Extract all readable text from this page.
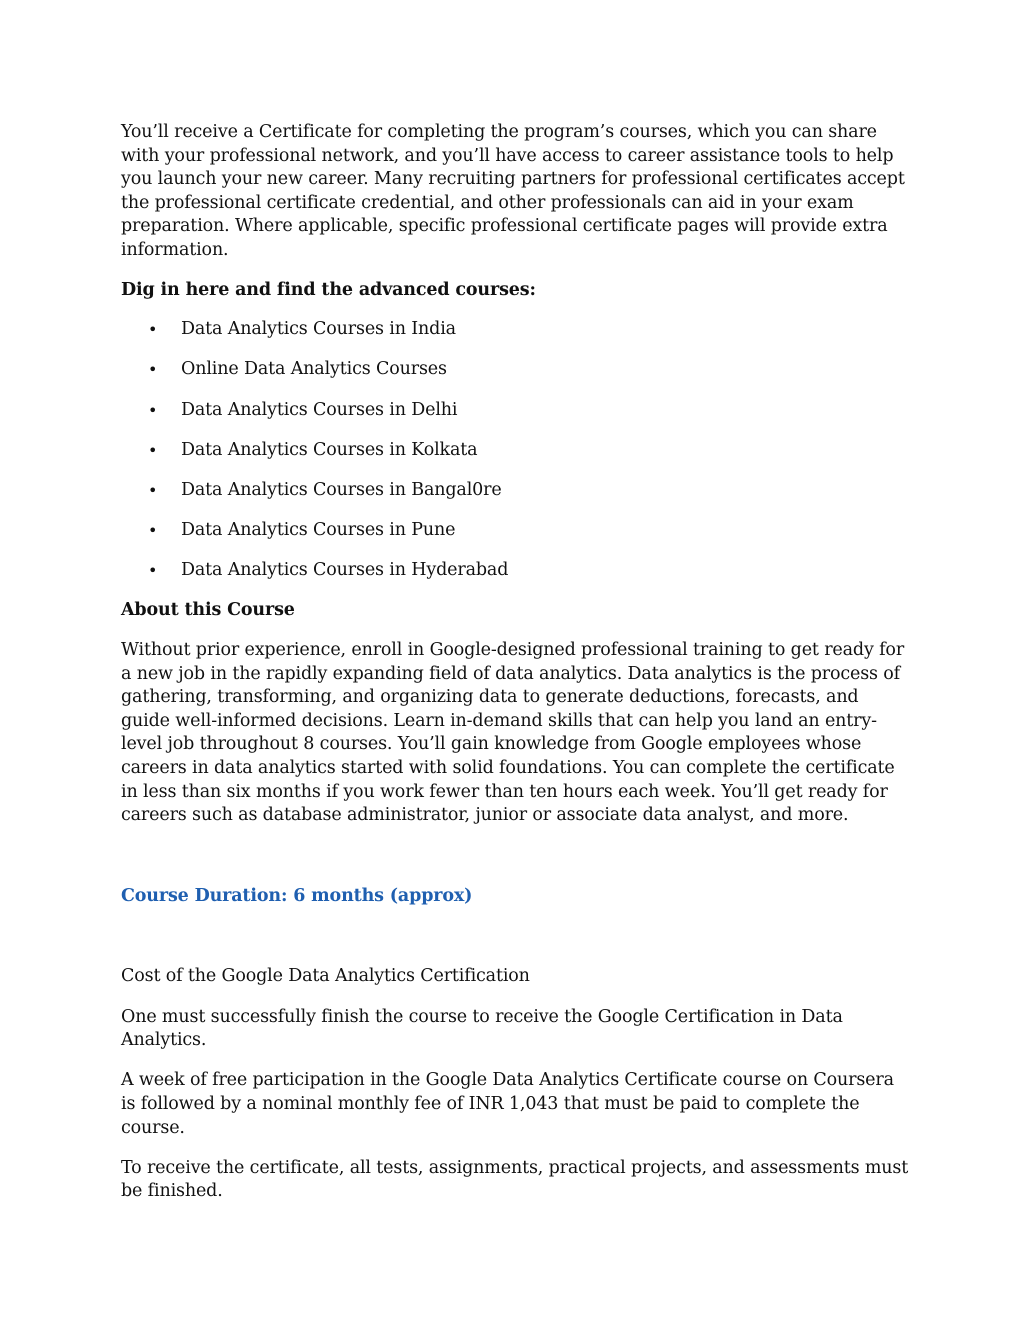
You’ll receive a Certificate for completing the program’s courses, which you can share with your professional network, and you’ll have access to career assistance tools to help you launch your new career. Many recruiting partners for professional certificates accept the professional certificate credential, and other professionals can aid in your exam preparation. Where applicable, specific professional certificate pages will provide extra information.

Dig in here and find the advanced courses:

• Data Analytics Courses in India
• Online Data Analytics Courses
• Data Analytics Courses in Delhi
• Data Analytics Courses in Kolkata
• Data Analytics Courses in Bangal0re
• Data Analytics Courses in Pune
• Data Analytics Courses in Hyderabad

About this Course

Without prior experience, enroll in Google-designed professional training to get ready for a new job in the rapidly expanding field of data analytics. Data analytics is the process of gathering, transforming, and organizing data to generate deductions, forecasts, and guide well-informed decisions. Learn in-demand skills that can help you land an entry-level job throughout 8 courses. You’ll gain knowledge from Google employees whose careers in data analytics started with solid foundations. You can complete the certificate in less than six months if you work fewer than ten hours each week. You’ll get ready for careers such as database administrator, junior or associate data analyst, and more.

Course Duration: 6 months (approx)

Cost of the Google Data Analytics Certification

One must successfully finish the course to receive the Google Certification in Data Analytics.

A week of free participation in the Google Data Analytics Certificate course on Coursera is followed by a nominal monthly fee of INR 1,043 that must be paid to complete the course.

To receive the certificate, all tests, assignments, practical projects, and assessments must be finished.
